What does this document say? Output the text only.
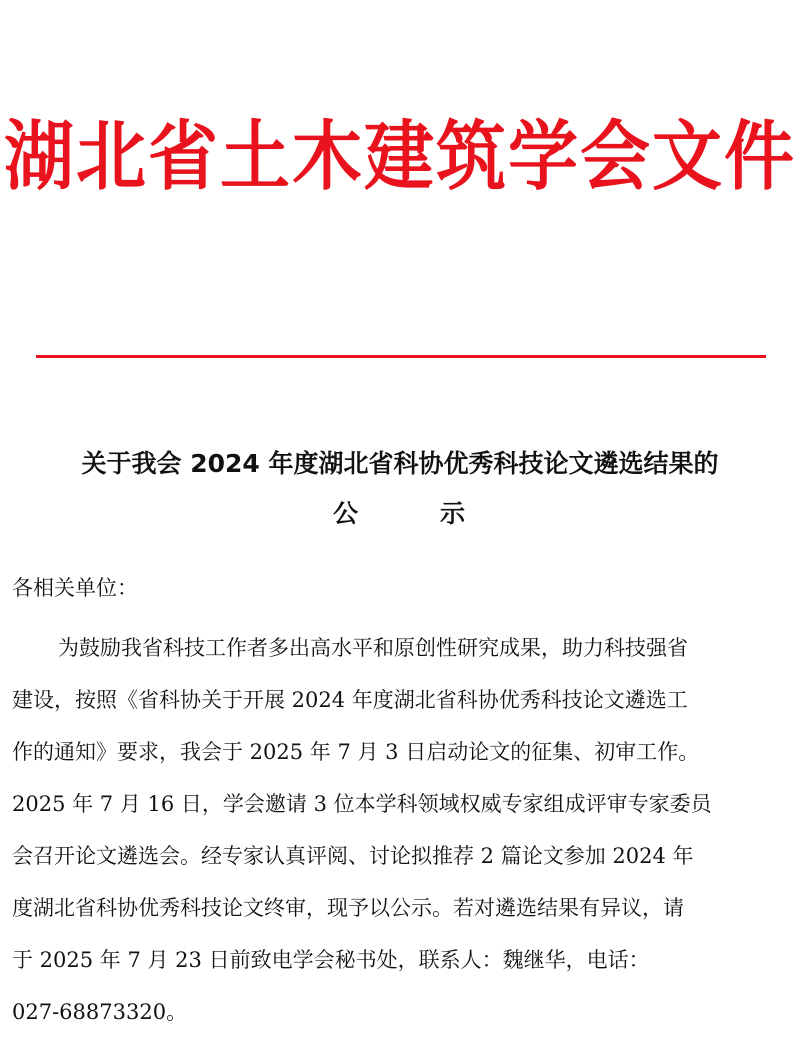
湖北省土木建筑学会文件
关于我会 2024 年度湖北省科协优秀科技论文遴选结果的
公	示
各相关单位：
为鼓励我省科技工作者多出高水平和原创性研究成果，助力科技强省
建设，按照《省科协关于开展 2024 年度湖北省科协优秀科技论文遴选工
作的通知》要求，我会于 2025 年 7 月 3 日启动论文的征集、初审工作。
2025 年 7 月 16 日，学会邀请 3 位本学科领域权威专家组成评审专家委员
会召开论文遴选会。经专家认真评阅、讨论拟推荐 2 篇论文参加 2024 年
度湖北省科协优秀科技论文终审，现予以公示。若对遴选结果有异议，请
于 2025 年 7 月 23 日前致电学会秘书处，联系人：魏继华，电话：
027-68873320。
